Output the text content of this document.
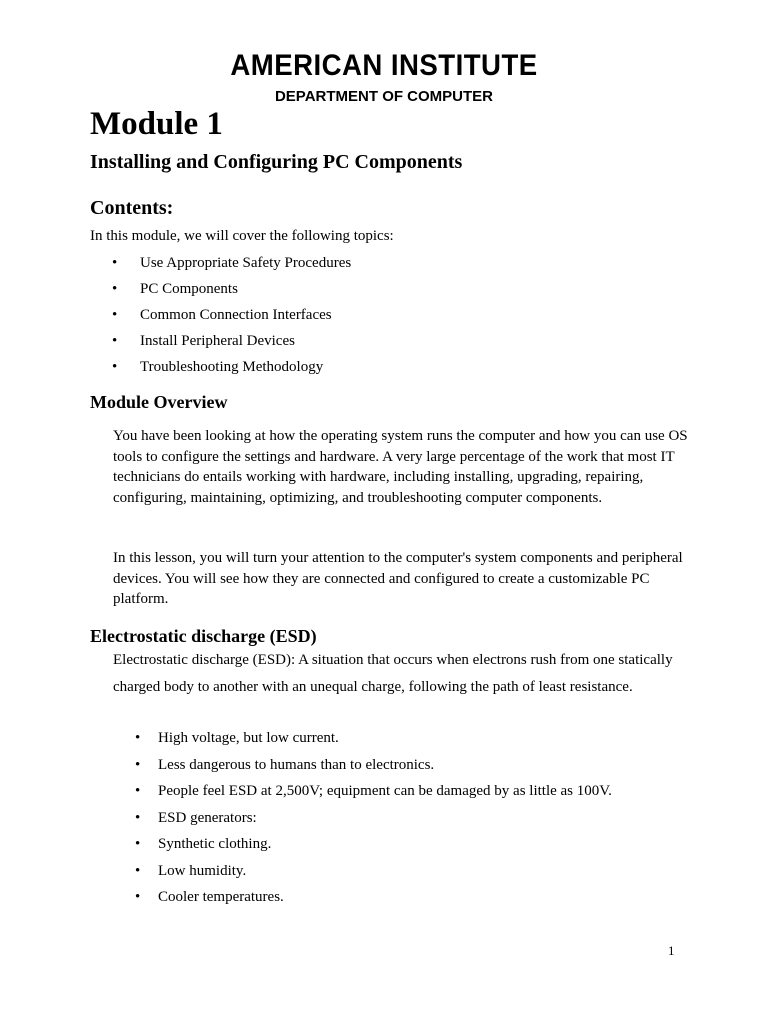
AMERICAN INSTITUTE
DEPARTMENT OF COMPUTER
Module 1
Installing and Configuring PC Components
Contents:
In this module, we will cover the following topics:
• Use Appropriate Safety Procedures
• PC Components
• Common Connection Interfaces
• Install Peripheral Devices
• Troubleshooting Methodology
Module Overview
You have been looking at how the operating system runs the computer and how you can use OS tools to configure the settings and hardware. A very large percentage of the work that most IT technicians do entails working with hardware, including installing, upgrading, repairing, configuring, maintaining, optimizing, and troubleshooting computer components.
In this lesson, you will turn your attention to the computer's system components and peripheral devices. You will see how they are connected and configured to create a customizable PC platform.
Electrostatic discharge (ESD)
Electrostatic discharge (ESD): A situation that occurs when electrons rush from one statically charged body to another with an unequal charge, following the path of least resistance.
• High voltage, but low current.
• Less dangerous to humans than to electronics.
• People feel ESD at 2,500V; equipment can be damaged by as little as 100V.
• ESD generators:
• Synthetic clothing.
• Low humidity.
• Cooler temperatures.
1
